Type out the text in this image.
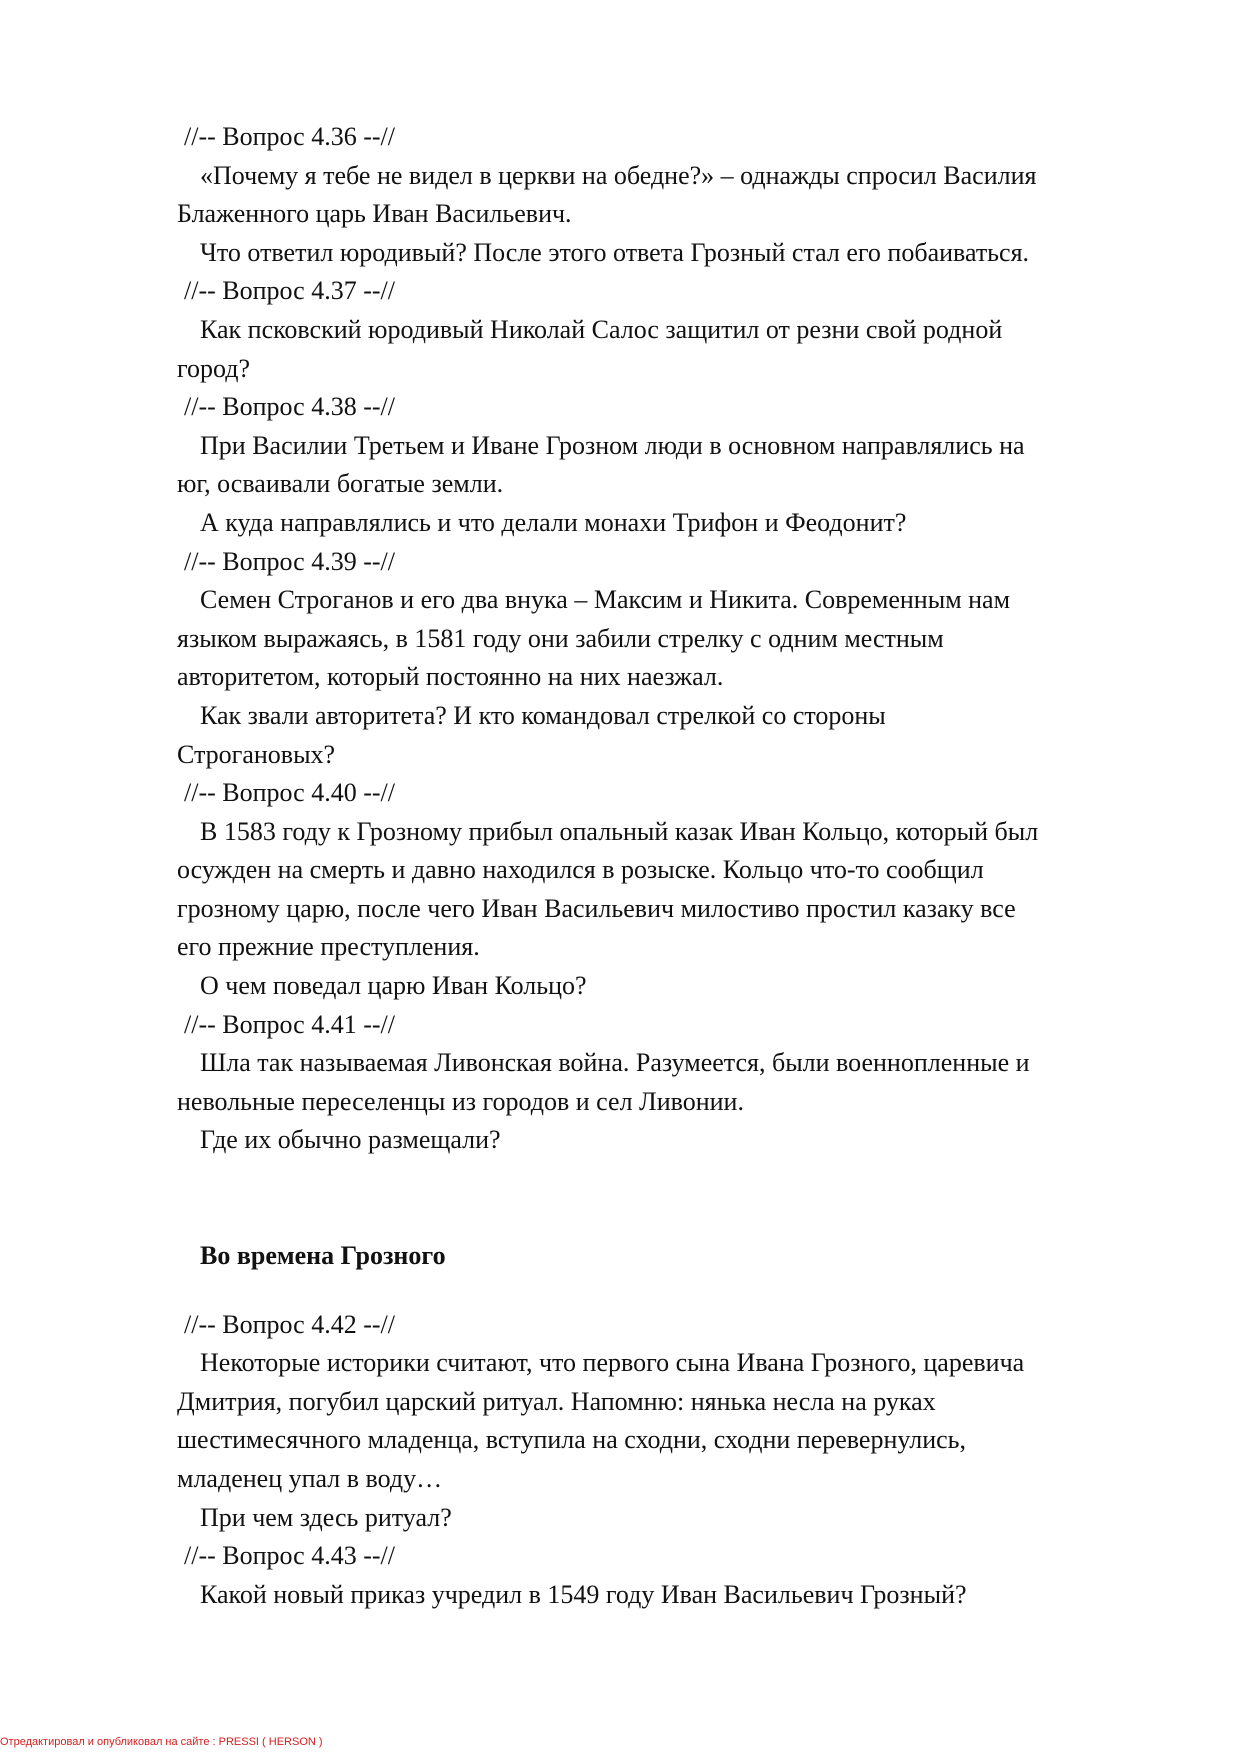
//-- Вопрос 4.36 --//
«Почему я тебе не видел в церкви на обедне?» – однажды спросил Василия
Блаженного царь Иван Васильевич.
Что ответил юродивый? После этого ответа Грозный стал его побаиваться.
//-- Вопрос 4.37 --//
Как псковский юродивый Николай Салос защитил от резни свой родной
город?
//-- Вопрос 4.38 --//
При Василии Третьем и Иване Грозном люди в основном направлялись на
юг, осваивали богатые земли.
А куда направлялись и что делали монахи Трифон и Феодонит?
//-- Вопрос 4.39 --//
Семен Строганов и его два внука – Максим и Никита. Современным нам
языком выражаясь, в 1581 году они забили стрелку с одним местным
авторитетом, который постоянно на них наезжал.
Как звали авторитета? И кто командовал стрелкой со стороны
Строгановых?
//-- Вопрос 4.40 --//
В 1583 году к Грозному прибыл опальный казак Иван Кольцо, который был
осужден на смерть и давно находился в розыске. Кольцо что-то сообщил
грозному царю, после чего Иван Васильевич милостиво простил казаку все
его прежние преступления.
О чем поведал царю Иван Кольцо?
//-- Вопрос 4.41 --//
Шла так называемая Ливонская война. Разумеется, были военнопленные и
невольные переселенцы из городов и сел Ливонии.
Где их обычно размещали?
Во времена Грозного
//-- Вопрос 4.42 --//
Некоторые историки считают, что первого сына Ивана Грозного, царевича
Дмитрия, погубил царский ритуал. Напомню: нянька несла на руках
шестимесячного младенца, вступила на сходни, сходни перевернулись,
младенец упал в воду…
При чем здесь ритуал?
//-- Вопрос 4.43 --//
Какой новый приказ учредил в 1549 году Иван Васильевич Грозный?
Отредактировал и опубликовал на сайте : PRESSI ( HERSON )
